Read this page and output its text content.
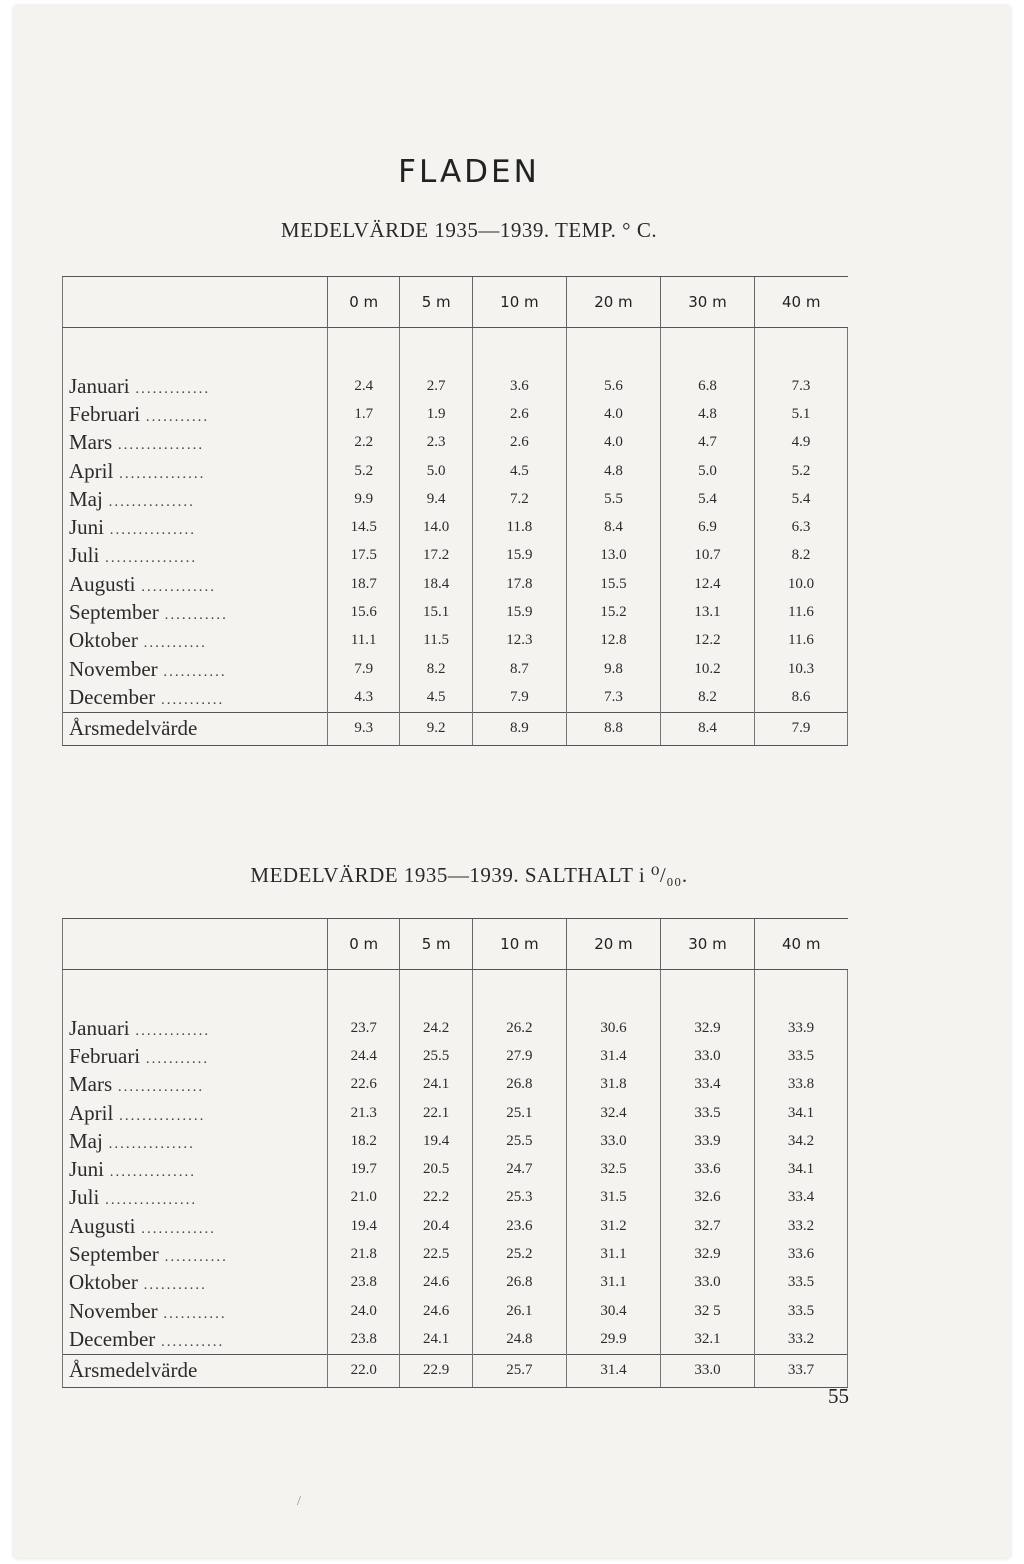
FLADEN
MEDELVÄRDE 1935—1939. TEMP. ° C.
	0 m	5 m	10 m	20 m	30 m	40 m

Januari .............	2.4	2.7	3.6	5.6	6.8	7.3
Februari ...........	1.7	1.9	2.6	4.0	4.8	5.1
Mars ...............	2.2	2.3	2.6	4.0	4.7	4.9
April ...............	5.2	5.0	4.5	4.8	5.0	5.2
Maj ...............	9.9	9.4	7.2	5.5	5.4	5.4
Juni ...............	14.5	14.0	11.8	8.4	6.9	6.3
Juli ................	17.5	17.2	15.9	13.0	10.7	8.2
Augusti .............	18.7	18.4	17.8	15.5	12.4	10.0
September ...........	15.6	15.1	15.9	15.2	13.1	11.6
Oktober ...........	11.1	11.5	12.3	12.8	12.2	11.6
November ...........	7.9	8.2	8.7	9.8	10.2	10.3
December ...........	4.3	4.5	7.9	7.3	8.2	8.6
Årsmedelvärde	9.3	9.2	8.9	8.8	8.4	7.9
MEDELVÄRDE 1935—1939. SALTHALT i ⁰/₀₀.
	0 m	5 m	10 m	20 m	30 m	40 m

Januari .............	23.7	24.2	26.2	30.6	32.9	33.9
Februari ...........	24.4	25.5	27.9	31.4	33.0	33.5
Mars ...............	22.6	24.1	26.8	31.8	33.4	33.8
April ...............	21.3	22.1	25.1	32.4	33.5	34.1
Maj ...............	18.2	19.4	25.5	33.0	33.9	34.2
Juni ...............	19.7	20.5	24.7	32.5	33.6	34.1
Juli ................	21.0	22.2	25.3	31.5	32.6	33.4
Augusti .............	19.4	20.4	23.6	31.2	32.7	33.2
September ...........	21.8	22.5	25.2	31.1	32.9	33.6
Oktober ...........	23.8	24.6	26.8	31.1	33.0	33.5
November ...........	24.0	24.6	26.1	30.4	32 5	33.5
December ...........	23.8	24.1	24.8	29.9	32.1	33.2
Årsmedelvärde	22.0	22.9	25.7	31.4	33.0	33.7
55
/
